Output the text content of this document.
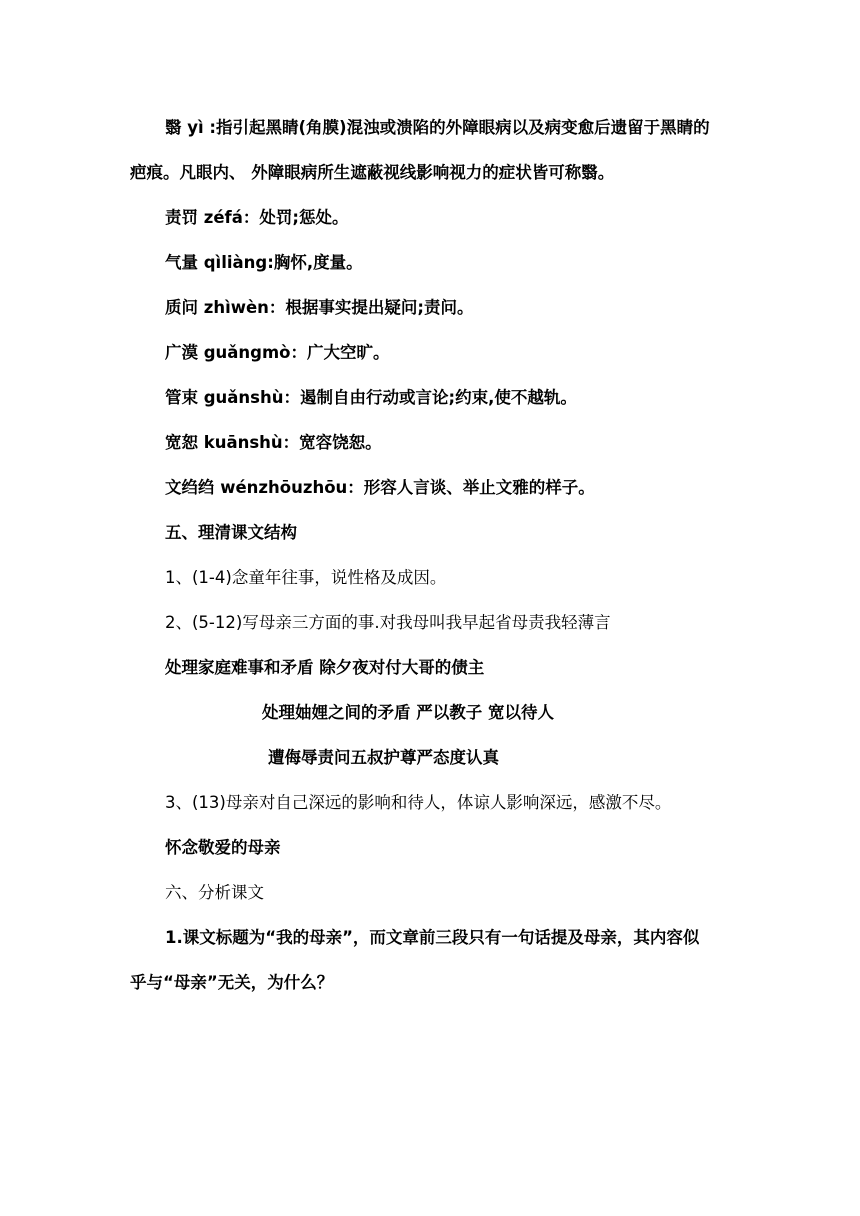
翳 yì :指引起黑睛(角膜)混浊或溃陷的外障眼病以及病变愈后遗留于黑睛的

疤痕。凡眼内、 外障眼病所生遮蔽视线影响视力的症状皆可称翳。

责罚 zéfá：处罚;惩处。

气量 qìliàng:胸怀,度量。

质问 zhìwèn：根据事实提出疑问;责问。

广漠 guǎngmò：广大空旷。

管束 guǎnshù：遏制自由行动或言论;约束,使不越轨。

宽恕 kuānshù：宽容饶恕。

文绉绉 wénzhōuzhōu：形容人言谈、举止文雅的样子。

五、理清课文结构

1、(1-4)念童年往事，说性格及成因。

2、(5-12)写母亲三方面的事.对我母叫我早起省母责我轻薄言

处理家庭难事和矛盾 除夕夜对付大哥的债主

处理妯娌之间的矛盾 严以教子 宽以待人

遭侮辱责问五叔护尊严态度认真

3、(13)母亲对自己深远的影响和待人，体谅人影响深远，感激不尽。

怀念敬爱的母亲

六、分析课文

1.课文标题为“我的母亲”，而文章前三段只有一句话提及母亲，其内容似

乎与“母亲”无关，为什么？
